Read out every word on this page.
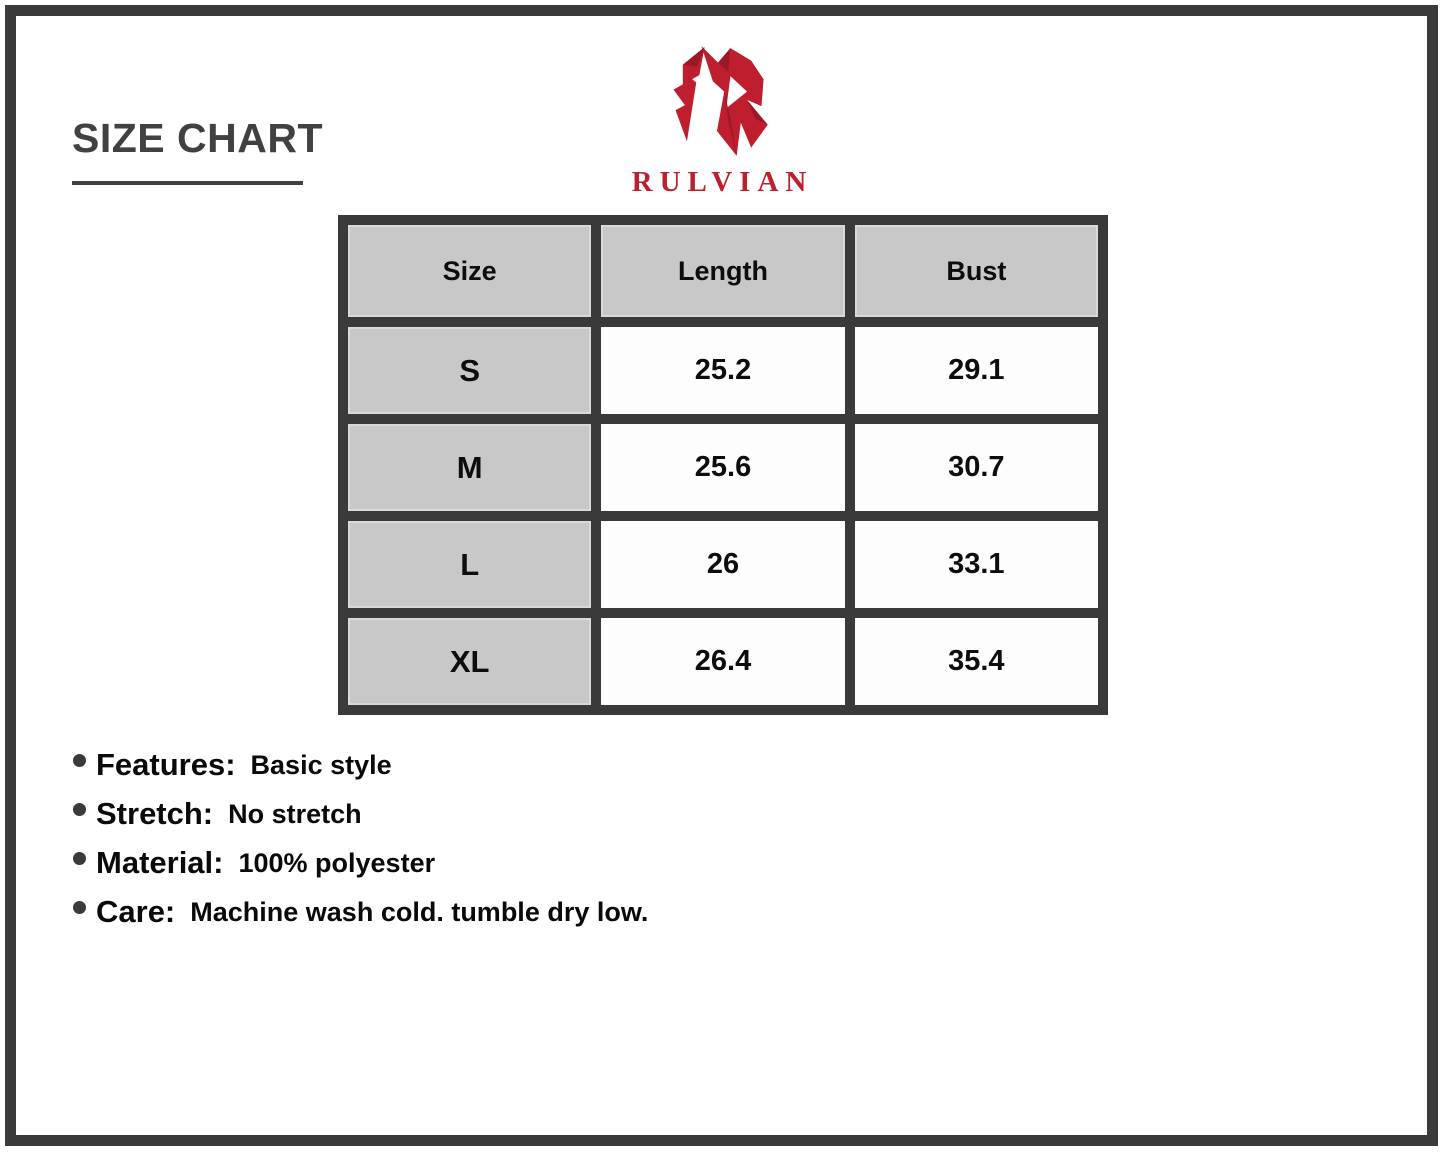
SIZE CHART
RULVIAN
Size	Length	Bust
S	25.2	29.1
M	25.6	30.7
L	26	33.1
XL	26.4	35.4
Features: Basic style
Stretch: No stretch
Material: 100% polyester
Care: Machine wash cold. tumble dry low.
